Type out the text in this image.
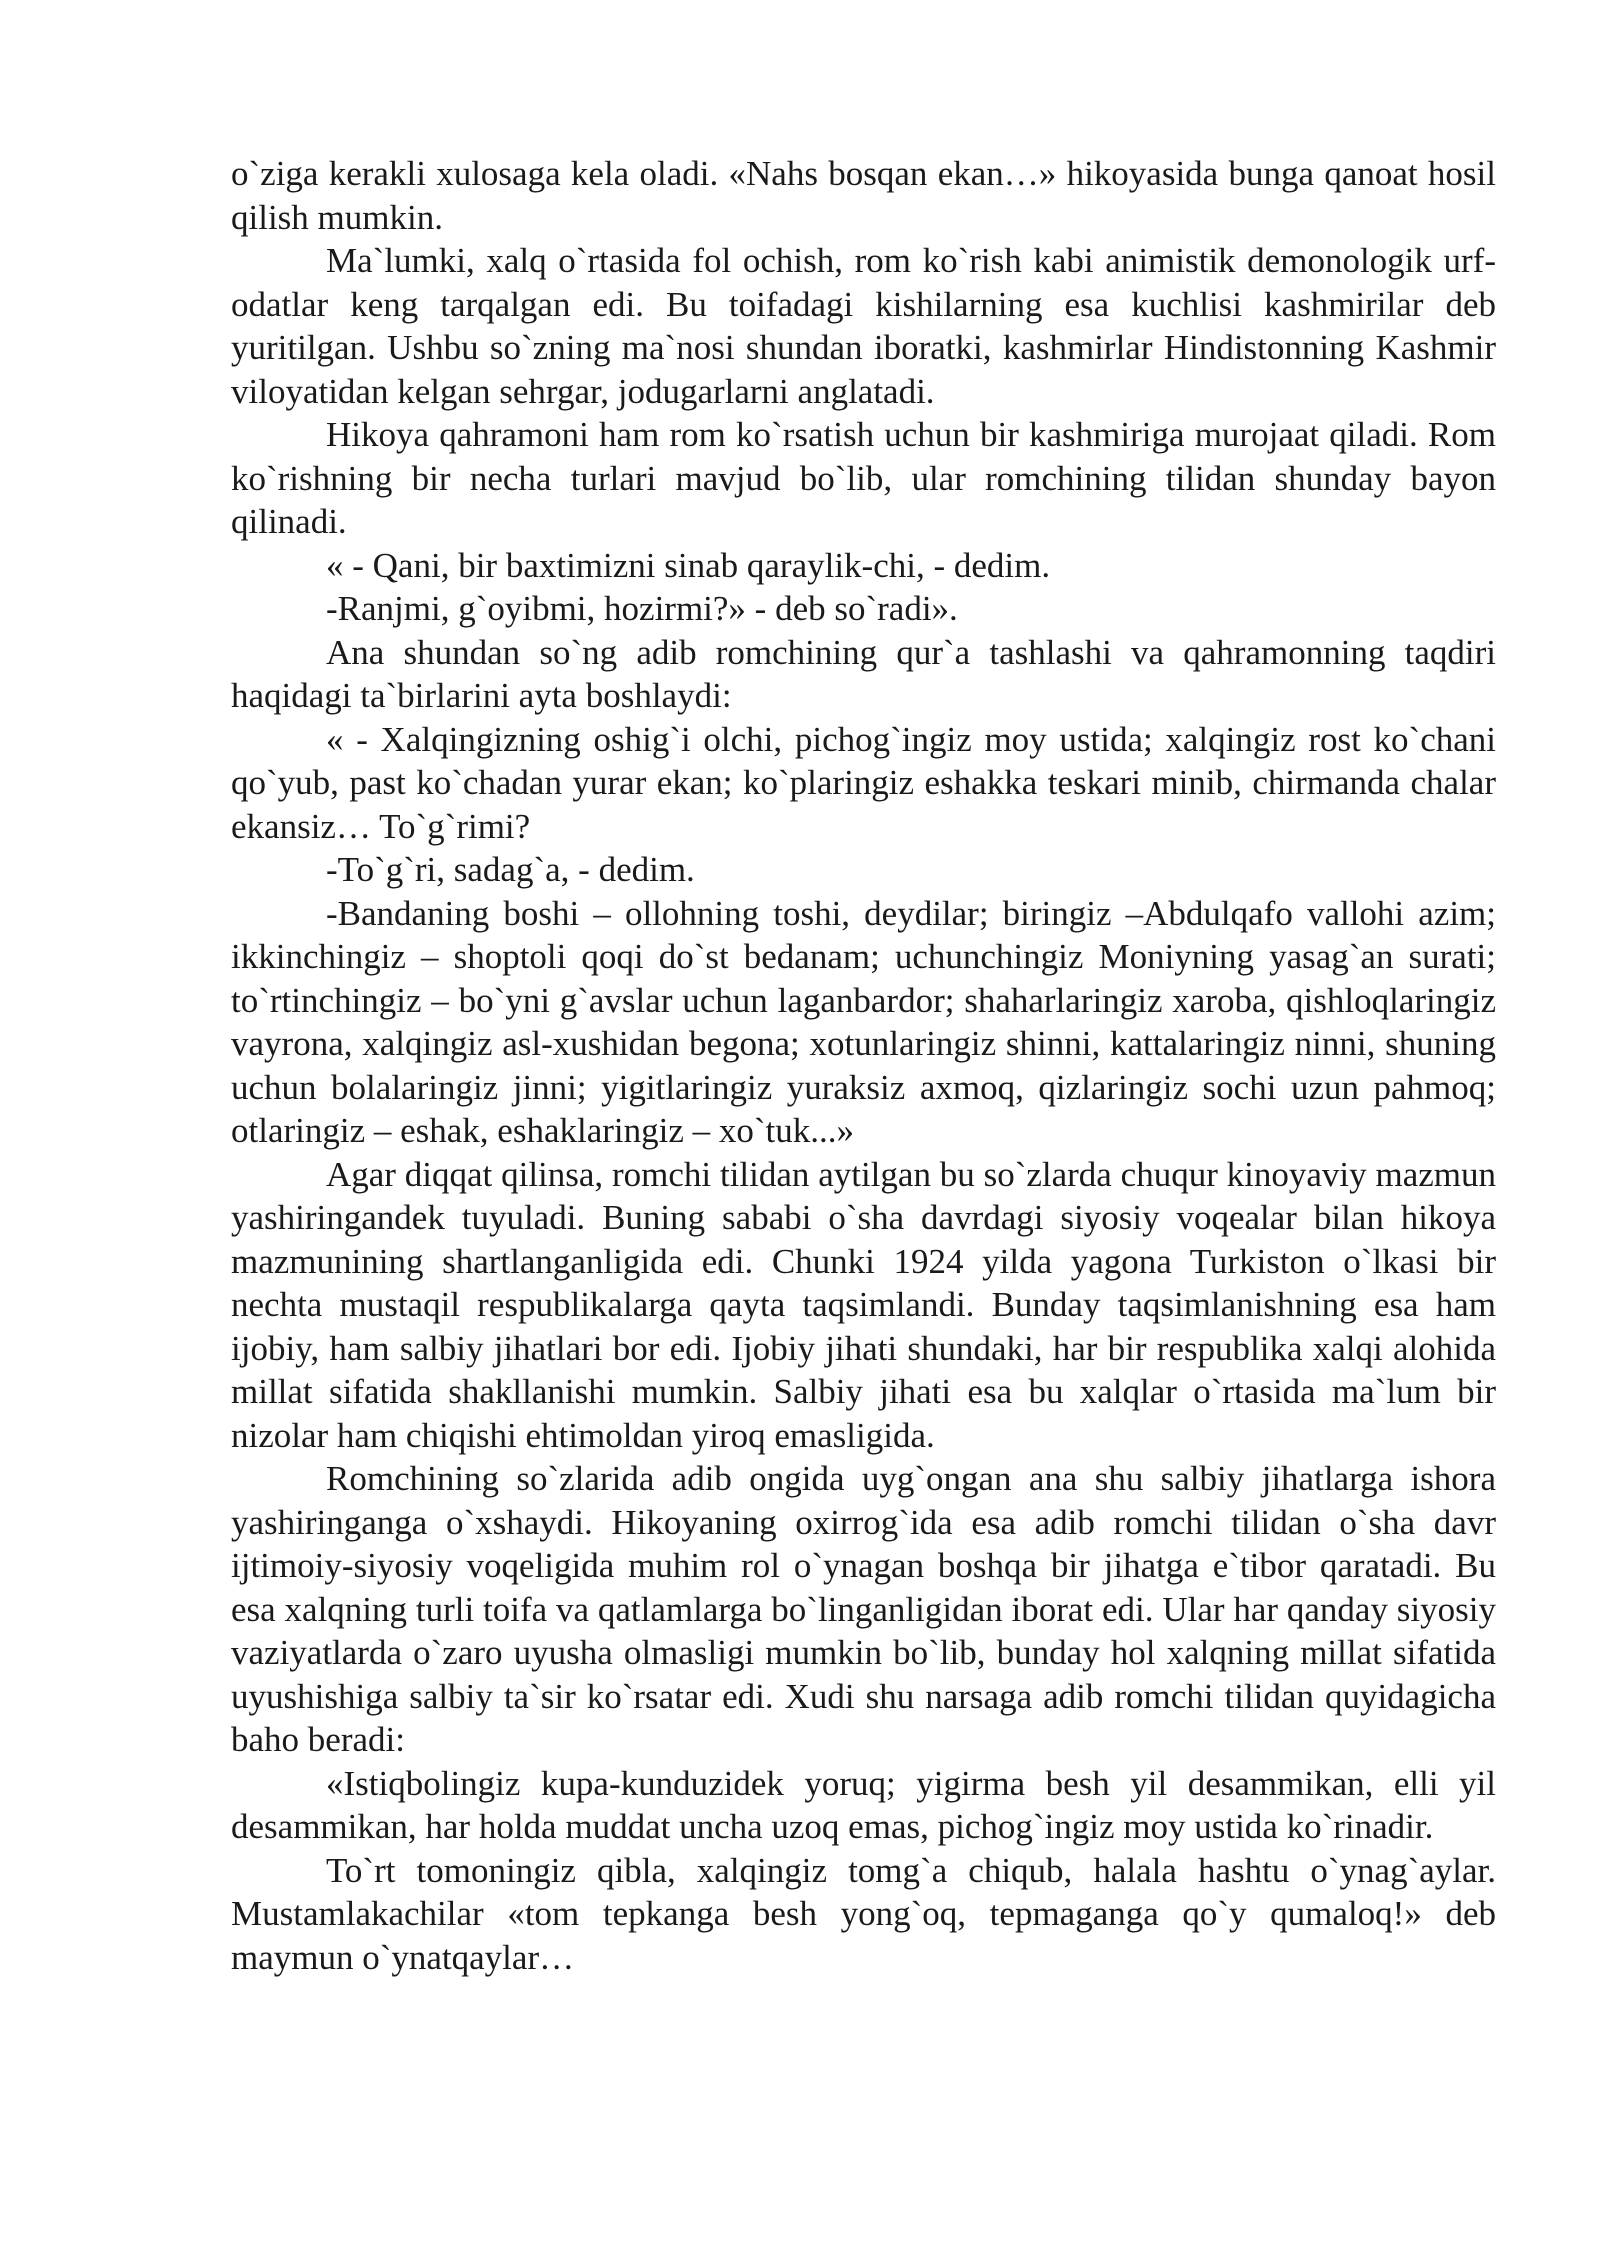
o`ziga kerakli xulosaga kela oladi. «Nahs bosqan ekan…» hikoyasida bunga qanoat hosil qilish mumkin.

Ma`lumki, xalq o`rtasida fol ochish, rom ko`rish kabi animistik demonologik urf-odatlar keng tarqalgan edi. Bu toifadagi kishilarning esa kuchlisi kashmirilar deb yuritilgan. Ushbu so`zning ma`nosi shundan iboratki, kashmirlar Hindistonning Kashmir viloyatidan kelgan sehrgar, jodugarlarni anglatadi.

Hikoya qahramoni ham rom ko`rsatish uchun bir kashmiriga murojaat qiladi. Rom ko`rishning bir necha turlari mavjud bo`lib, ular romchining tilidan shunday bayon qilinadi.

« - Qani, bir baxtimizni sinab qaraylik-chi, - dedim.

-Ranjmi, g`oyibmi, hozirmi?» - deb so`radi».

Ana shundan so`ng adib romchining qur`a tashlashi va qahramonning taqdiri haqidagi ta`birlarini ayta boshlaydi:

« - Xalqingizning oshig`i olchi, pichog`ingiz moy ustida; xalqingiz rost ko`chani qo`yub, past ko`chadan yurar ekan; ko`plaringiz eshakka teskari minib, chirmanda chalar ekansiz… To`g`rimi?

-To`g`ri, sadag`a, - dedim.

-Bandaning boshi – ollohning toshi, deydilar; biringiz –Abdulqafo vallohi azim; ikkinchingiz – shoptoli qoqi do`st bedanam; uchunchingiz Moniyning yasag`an surati; to`rtinchingiz – bo`yni g`avslar uchun laganbardor; shaharlaringiz xaroba, qishloqlaringiz vayrona, xalqingiz asl-xushidan begona; xotunlaringiz shinni, kattalaringiz ninni, shuning uchun bolalaringiz jinni; yigitlaringiz yuraksiz axmoq, qizlaringiz sochi uzun pahmoq; otlaringiz – eshak, eshaklaringiz – xo`tuk...»

Agar diqqat qilinsa, romchi tilidan aytilgan bu so`zlarda chuqur kinoyaviy mazmun yashiringandek tuyuladi. Buning sababi o`sha davrdagi siyosiy voqealar bilan hikoya mazmunining shartlanganligida edi. Chunki 1924 yilda yagona Turkiston o`lkasi bir nechta mustaqil respublikalarga qayta taqsimlandi. Bunday taqsimlanishning esa ham ijobiy, ham salbiy jihatlari bor edi. Ijobiy jihati shundaki, har bir respublika xalqi alohida millat sifatida shakllanishi mumkin. Salbiy jihati esa bu xalqlar o`rtasida ma`lum bir nizolar ham chiqishi ehtimoldan yiroq emasligida.

Romchining so`zlarida adib ongida uyg`ongan ana shu salbiy jihatlarga ishora yashiringanga o`xshaydi. Hikoyaning oxirrog`ida esa adib romchi tilidan o`sha davr ijtimoiy-siyosiy voqeligida muhim rol o`ynagan boshqa bir jihatga e`tibor qaratadi. Bu esa xalqning turli toifa va qatlamlarga bo`linganligidan iborat edi. Ular har qanday siyosiy vaziyatlarda o`zaro uyusha olmasligi mumkin bo`lib, bunday hol xalqning millat sifatida uyushishiga salbiy ta`sir ko`rsatar edi. Xudi shu narsaga adib romchi tilidan quyidagicha baho beradi:

«Istiqbolingiz kupa-kunduzidek yoruq; yigirma besh yil desammikan, elli yil desammikan, har holda muddat uncha uzoq emas, pichog`ingiz moy ustida ko`rinadir.

To`rt tomoningiz qibla, xalqingiz tomg`a chiqub, halala hashtu o`ynag`aylar. Mustamlakachilar «tom tepkanga besh yong`oq, tepmaganga qo`y qumaloq!» deb maymun o`ynatqaylar…
